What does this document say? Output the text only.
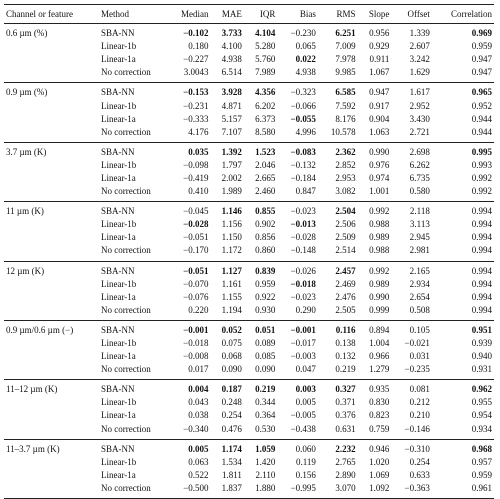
Channel or feature	Method	Median	MAE	IQR	Bias	RMS	Slope	Offset	Correlation
0.6 µm (%)	SBA-NN	−0.102	3.733	4.104	−0.230	6.251	0.956	1.339	0.969
	Linear-1b	0.180	4.100	5.280	0.065	7.009	0.929	2.607	0.959
	Linear-1a	−0.227	4.938	5.760	0.022	7.978	0.911	3.242	0.947
	No correction	3.0043	6.514	7.989	4.938	9.985	1.067	1.629	0.947
0.9 µm (%)	SBA-NN	−0.153	3.928	4.356	−0.323	6.585	0.947	1.617	0.965
	Linear-1b	−0.231	4.871	6.202	−0.066	7.592	0.917	2.952	0.952
	Linear-1a	−0.333	5.157	6.373	−0.055	8.176	0.904	3.430	0.944
	No correction	4.176	7.107	8.580	4.996	10.578	1.063	2.721	0.944
3.7 µm (K)	SBA-NN	0.035	1.392	1.523	−0.083	2.362	0.990	2.698	0.995
	Linear-1b	−0.098	1.797	2.046	−0.132	2.852	0.976	6.262	0.993
	Linear-1a	−0.419	2.002	2.665	−0.184	2.953	0.974	6.735	0.992
	No correction	0.410	1.989	2.460	0.847	3.082	1.001	0.580	0.992
11 µm (K)	SBA-NN	−0.045	1.146	0.855	−0.023	2.504	0.992	2.118	0.994
	Linear-1b	−0.028	1.156	0.902	−0.013	2.506	0.988	3.113	0.994
	Linear-1a	−0.051	1.150	0.856	−0.028	2.509	0.989	2.945	0.994
	No correction	−0.170	1.172	0.860	−0.148	2.514	0.988	2.981	0.994
12 µm (K)	SBA-NN	−0.051	1.127	0.839	−0.026	2.457	0.992	2.165	0.994
	Linear-1b	−0.070	1.161	0.959	−0.018	2.469	0.989	2.934	0.994
	Linear-1a	−0.076	1.155	0.922	−0.023	2.476	0.990	2.654	0.994
	No correction	0.220	1.194	0.930	0.290	2.505	0.999	0.508	0.994
0.9 µm/0.6 µm (−)	SBA-NN	−0.001	0.052	0.051	−0.001	0.116	0.894	0.105	0.951
	Linear-1b	−0.018	0.075	0.089	−0.017	0.138	1.004	−0.021	0.939
	Linear-1a	−0.008	0.068	0.085	−0.003	0.132	0.966	0.031	0.940
	No correction	0.017	0.090	0.090	0.047	0.219	1.279	−0.235	0.931
11–12 µm (K)	SBA-NN	0.004	0.187	0.219	0.003	0.327	0.935	0.081	0.962
	Linear-1b	0.043	0.248	0.344	0.005	0.371	0.830	0.212	0.955
	Linear-1a	0.038	0.254	0.364	−0.005	0.376	0.823	0.210	0.954
	No correction	−0.340	0.476	0.530	−0.438	0.631	0.759	−0.146	0.934
11–3.7 µm (K)	SBA-NN	0.005	1.174	1.059	0.060	2.232	0.946	−0.310	0.968
	Linear-1b	0.063	1.534	1.420	0.119	2.765	1.020	0.254	0.957
	Linear-1a	0.522	1.811	2.110	0.156	2.890	1.069	0.633	0.959
	No correction	−0.500	1.837	1.880	−0.995	3.070	1.092	−0.363	0.961
